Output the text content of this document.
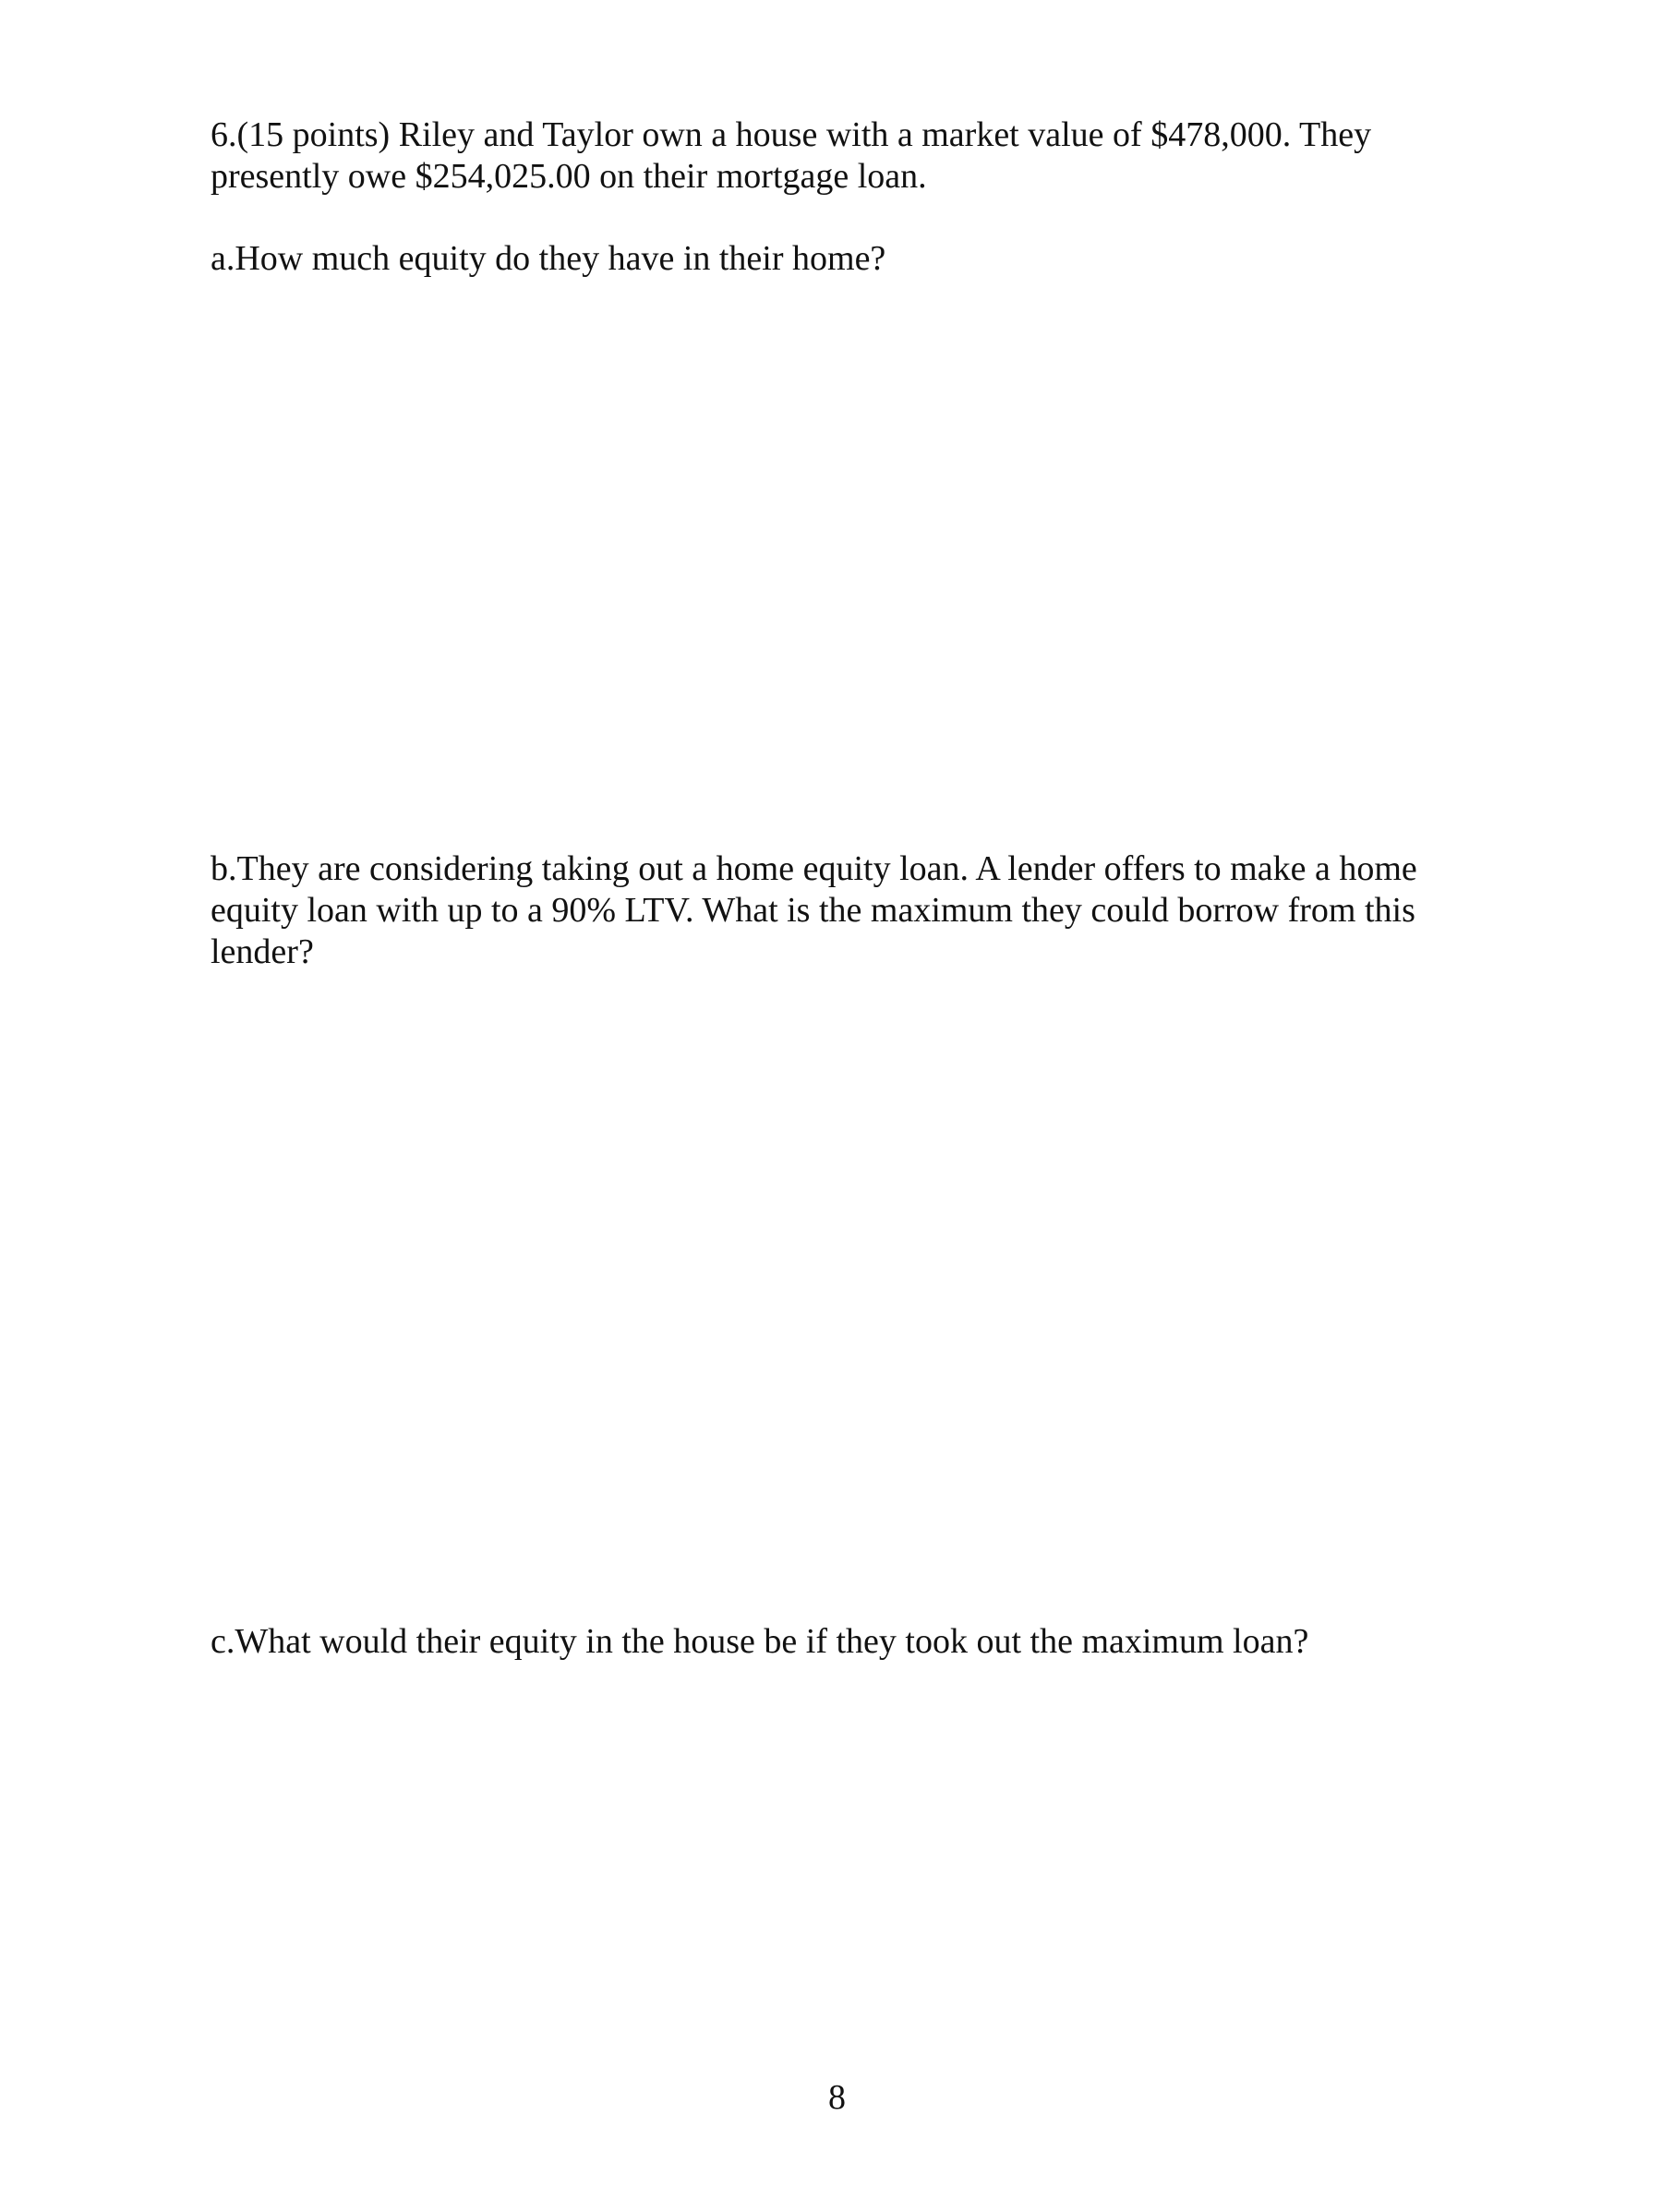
6.(15 points) Riley and Taylor own a house with a market value of $478,000. They presently owe $254,025.00 on their mortgage loan.

a.How much equity do they have in their home?

b.They are considering taking out a home equity loan. A lender offers to make a home equity loan with up to a 90% LTV. What is the maximum they could borrow from this lender?

c.What would their equity in the house be if they took out the maximum loan?

8
